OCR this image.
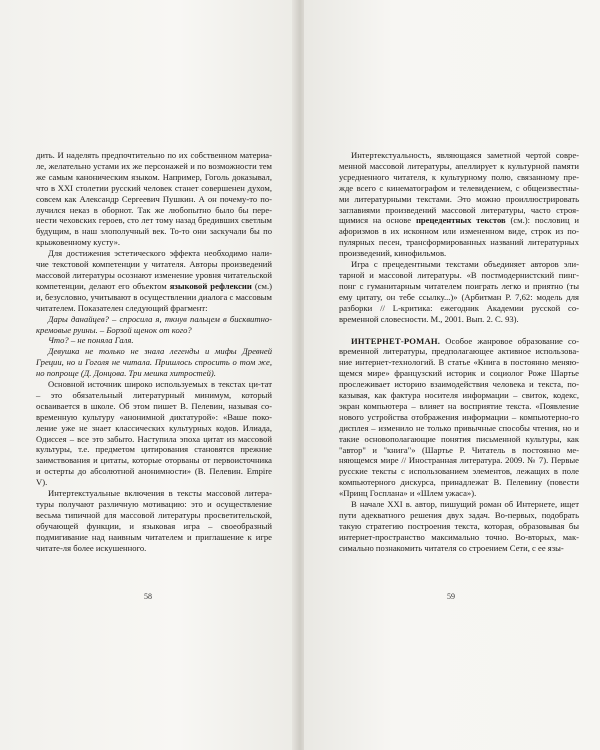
дить. И наделять предпочтительно по их собственном материа-ле, желательно устами их же персонажей и по возможности тем же самым каноническим языком. Например, Гоголь доказывал, что в XXI столетии русский человек станет совершенен духом, совсем как Александр Сергеевич Пушкин. А он почему-то по-лучился неказ в оборнот. Так же любопытно было бы пере-нести чеховских героев, сто лет тому назад бредивших светлым будущим, в наш злополучный век. То-то они заскучали бы по крыжовенному кусту».

Для достижения эстетического эффекта необходимо нали-чие текстовой компетенции у читателя. Авторы произведений массовой литературы осознают изменение уровня читательской компетенции, делают его объектом языковой рефлексии (см.) и, безусловно, учитывают в осуществлении диалога с массовым читателем. Показателен следующий фрагмент:

Дары данайцев? – спросила я, ткнув пальцем в бисквитно-кремовые руины. – Борзой щенок от кого?

Что? – не поняла Галя.

Девушка не только не знала легенды и мифы Древней Греции, но и Гоголя не читала. Пришлось спросить о том же, но попроще (Д. Донцова. Три мешка хитростей).

Основной источник широко используемых в текстах ци-тат – это обязательный литературный минимум, который осваивается в школе. Об этом пишет В. Пелевин, называя со-временную культуру «анонимной диктатурой»: «Ваше поко-ление уже не знает классических культурных кодов. Илиада, Одиссея – все это забыто. Наступила эпоха цитат из массовой культуры, т.е. предметом цитирования становятся прежние заимствования и цитаты, которые оторваны от первоисточника и остерты до абсолютной анонимности» (В. Пелевин. Empire V).

Интертекстуальные включения в тексты массовой литера-туры получают различную мотивацию: это и осуществление весьма типичной для массовой литературы просветительской, обучающей функции, и языковая игра – своеобразный подмигивание над наивным читателем и приглашение к игре читате-ля более искушенного.

58

Интертекстуальность, являющаяся заметной чертой совре-менной массовой литературы, апеллирует к культурной памяти усредненного читателя, к культурному полю, связанному пре-жде всего с кинематографом и телевидением, с общеизвестны-ми литературными текстами. Это можно проиллюстрировать заглавиями произведений массовой литературы, часто строя-щимися на основе прецедентных текстов (см.): пословиц и афоризмов в их исконном или измененном виде, строк из по-пулярных песен, трансформированных названий литературных произведений, кинофильмов.

Игра с прецедентными текстами объединяет авторов эли-тарной и массовой литературы. «В постмодернистский пинг-понг с гуманитарным читателем поиграть легко и приятно (ты ему цитату, он тебе ссылку...)» (Арбитман Р. 7,62: модель для разборки // L-критика: ежегодник Академии русской со-временной словесности. М., 2001. Вып. 2. С. 93).

ИНТЕРНЕТ-РОМАН. Особое жанровое образование со-временной литературы, предполагающее активное использова-ние интернет-технологий. В статье «Книга в постоянно меняю-щемся мире» французский историк и социолог Роже Шартье прослеживает историю взаимодействия человека и текста, по-казывая, как фактура носителя информации – свиток, кодекс, экран компьютера – влияет на восприятие текста. «Появление нового устройства отображения информации – компьютерно-го дисплея – изменило не только привычные способы чтения, но и такие основополагающие понятия письменной культуры, как "автор" и "книга"» (Шартье Р. Читатель в постоянно ме-няющемся мире // Иностранная литература. 2009. № 7). Первые русские тексты с использованием элементов, лежащих в поле компьютерного дискурса, принадлежат В. Пелевину (повести «Принц Госплана» и «Шлем ужаса»).

В начале XXI в. автор, пишущий роман об Интернете, ищет пути адекватного решения двух задач. Во-первых, подобрать такую стратегию построения текста, которая, образовывая бы интернет-пространство максимально точно. Во-вторых, мак-симально познакомить читателя со строением Сети, с ее язы-

59
